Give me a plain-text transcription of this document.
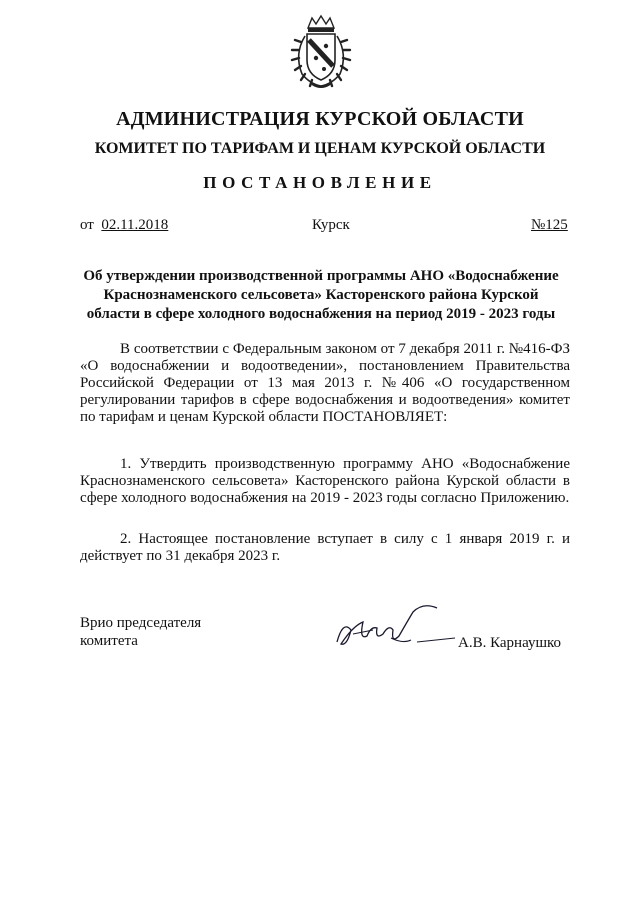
АДМИНИСТРАЦИЯ КУРСКОЙ ОБЛАСТИ
КОМИТЕТ ПО ТАРИФАМ И ЦЕНАМ КУРСКОЙ ОБЛАСТИ
ПОСТАНОВЛЕНИЕ
от 02.11.2018	Курск	№125
Об утверждении производственной программы АНО «Водоснабжение Краснознаменского сельсовета» Касторенского района Курской области в сфере холодного водоснабжения на период 2019 - 2023 годы

В соответствии с Федеральным законом от 7 декабря 2011 г. №416-ФЗ «О водоснабжении и водоотведении», постановлением Правительства Российской Федерации от 13 мая 2013 г. №406 «О государственном регулировании тарифов в сфере водоснабжения и водоотведения» комитет по тарифам и ценам Курской области ПОСТАНОВЛЯЕТ:

1. Утвердить производственную программу АНО «Водоснабжение Краснознаменского сельсовета» Касторенского района Курской области в сфере холодного водоснабжения на 2019 - 2023 годы согласно Приложению.

2. Настоящее постановление вступает в силу с 1 января 2019 г. и действует по 31 декабря 2023 г.

Врио председателя
комитета	А.В. Карнаушко
